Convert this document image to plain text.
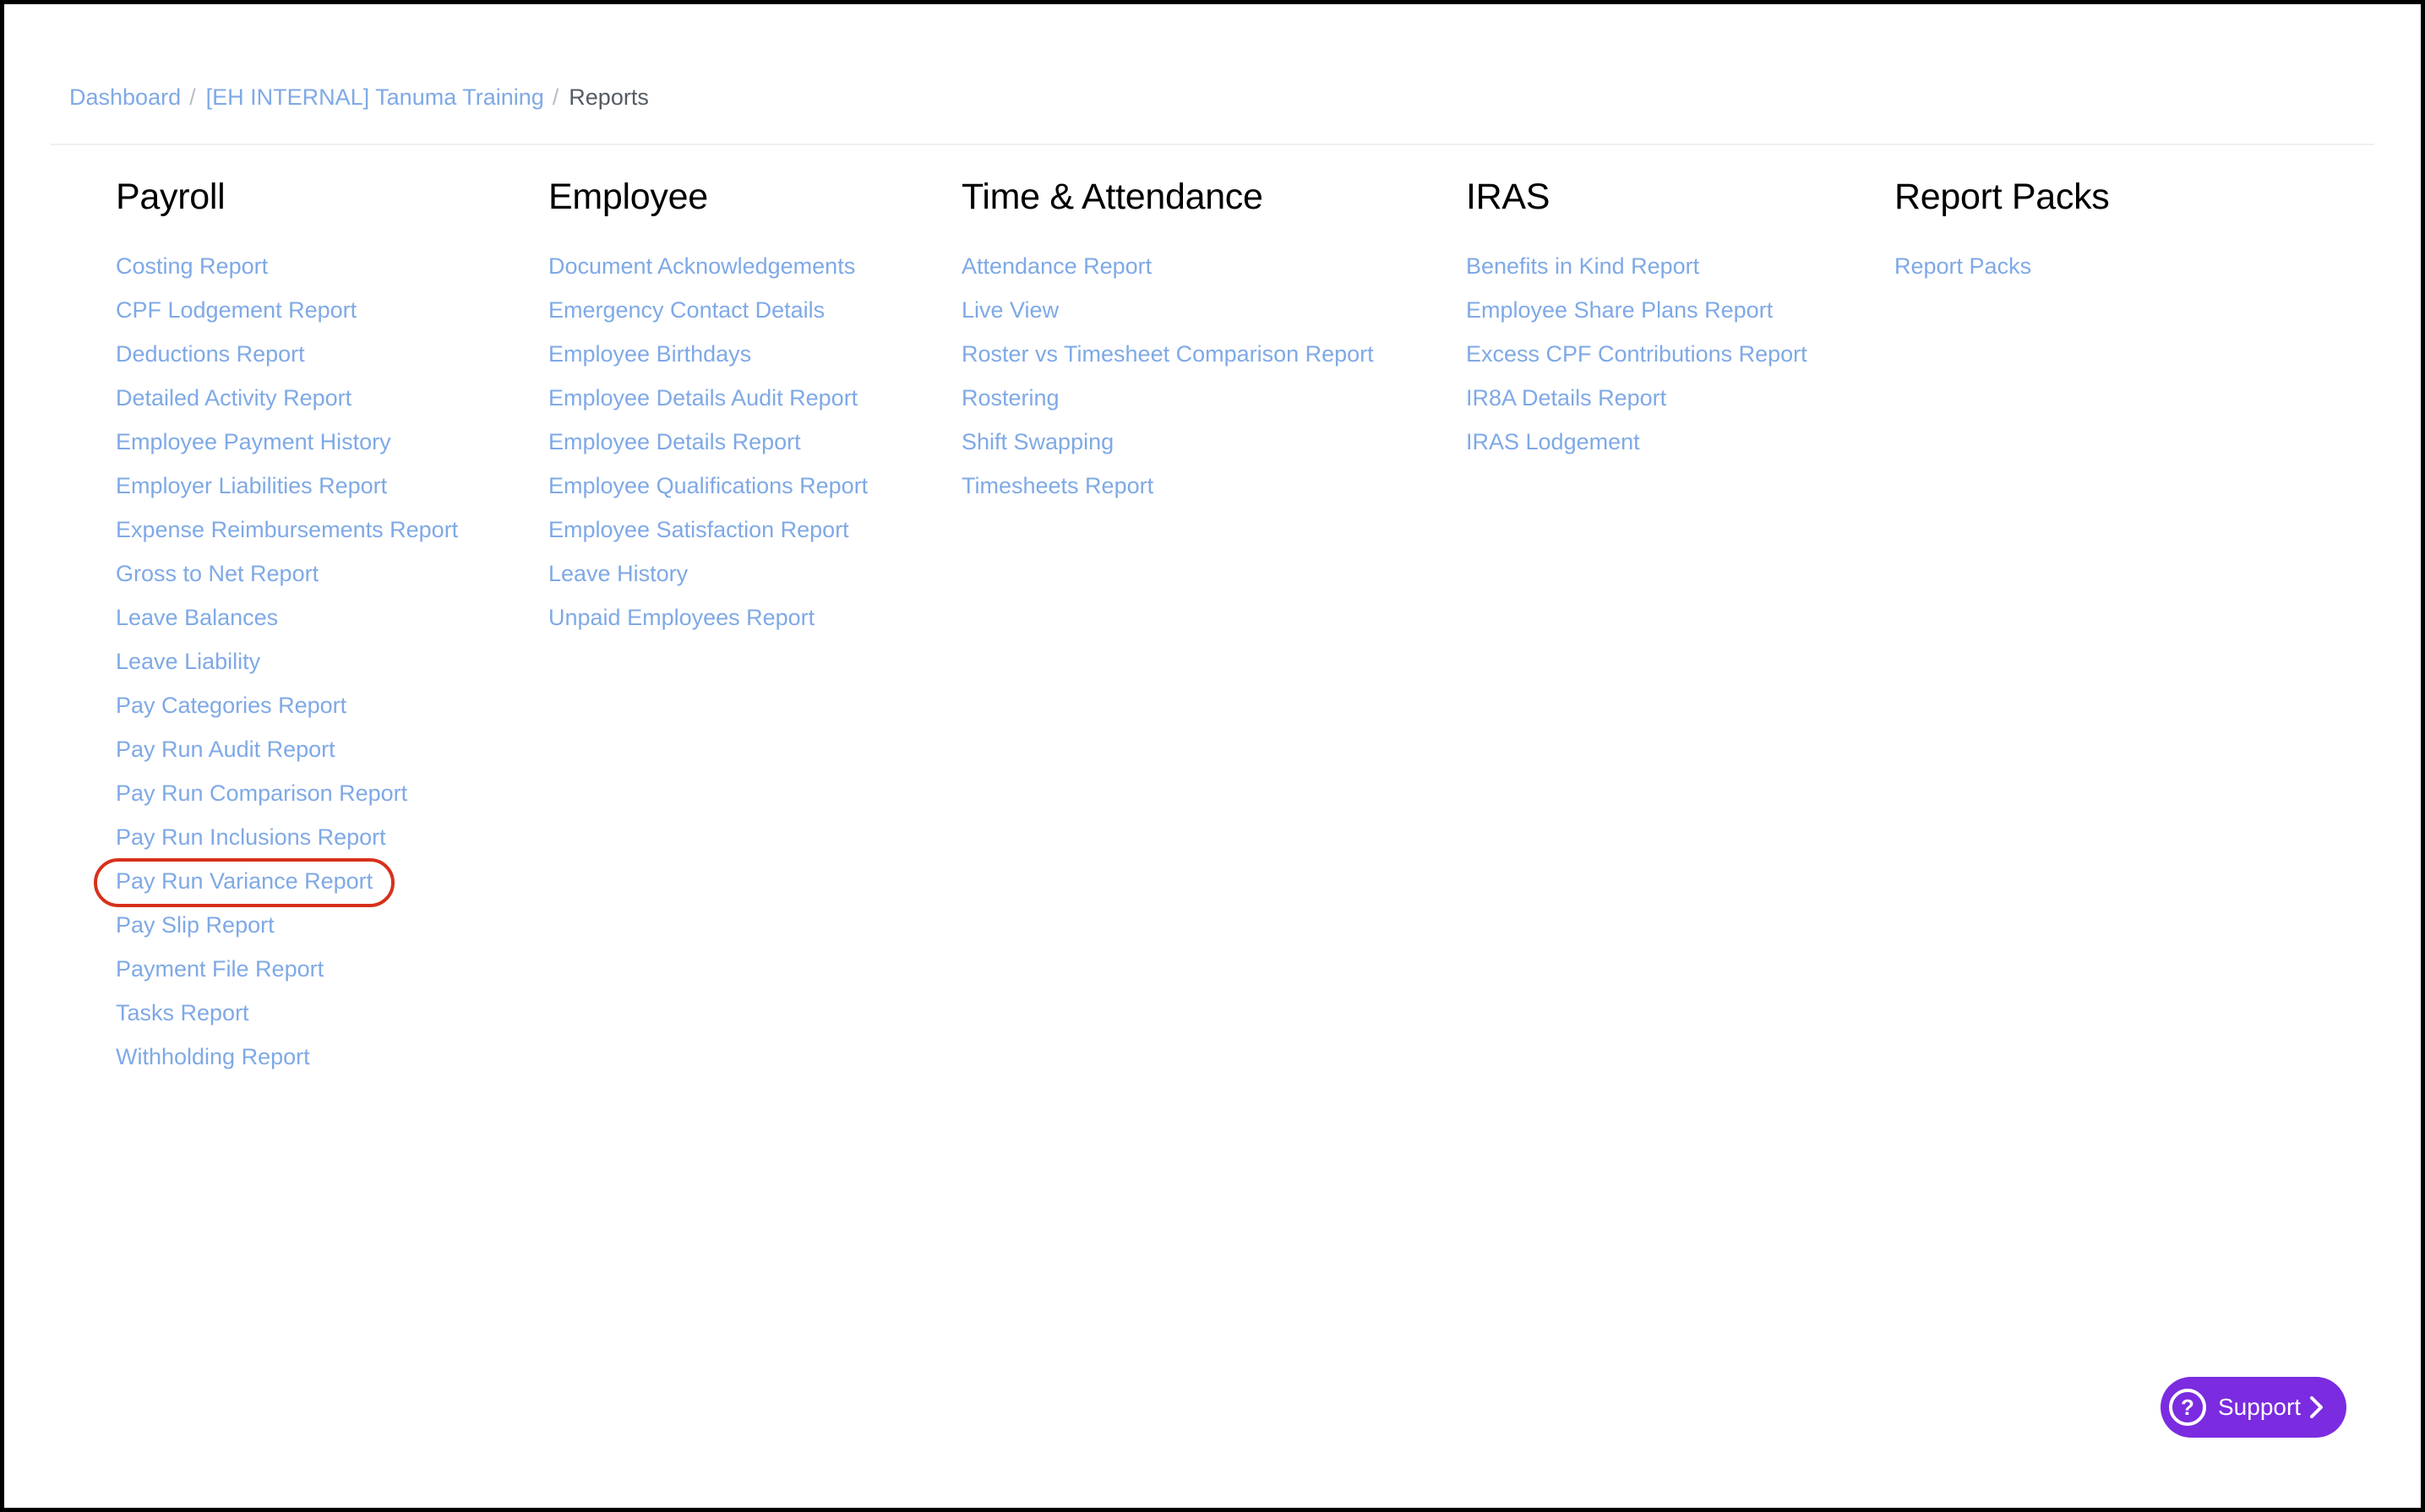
Dashboard / [EH INTERNAL] Tanuma Training / Reports
Payroll
Costing Report
CPF Lodgement Report
Deductions Report
Detailed Activity Report
Employee Payment History
Employer Liabilities Report
Expense Reimbursements Report
Gross to Net Report
Leave Balances
Leave Liability
Pay Categories Report
Pay Run Audit Report
Pay Run Comparison Report
Pay Run Inclusions Report
Pay Run Variance Report
Pay Slip Report
Payment File Report
Tasks Report
Withholding Report
Employee
Document Acknowledgements
Emergency Contact Details
Employee Birthdays
Employee Details Audit Report
Employee Details Report
Employee Qualifications Report
Employee Satisfaction Report
Leave History
Unpaid Employees Report
Time & Attendance
Attendance Report
Live View
Roster vs Timesheet Comparison Report
Rostering
Shift Swapping
Timesheets Report
IRAS
Benefits in Kind Report
Employee Share Plans Report
Excess CPF Contributions Report
IR8A Details Report
IRAS Lodgement
Report Packs
Report Packs
?	Support
